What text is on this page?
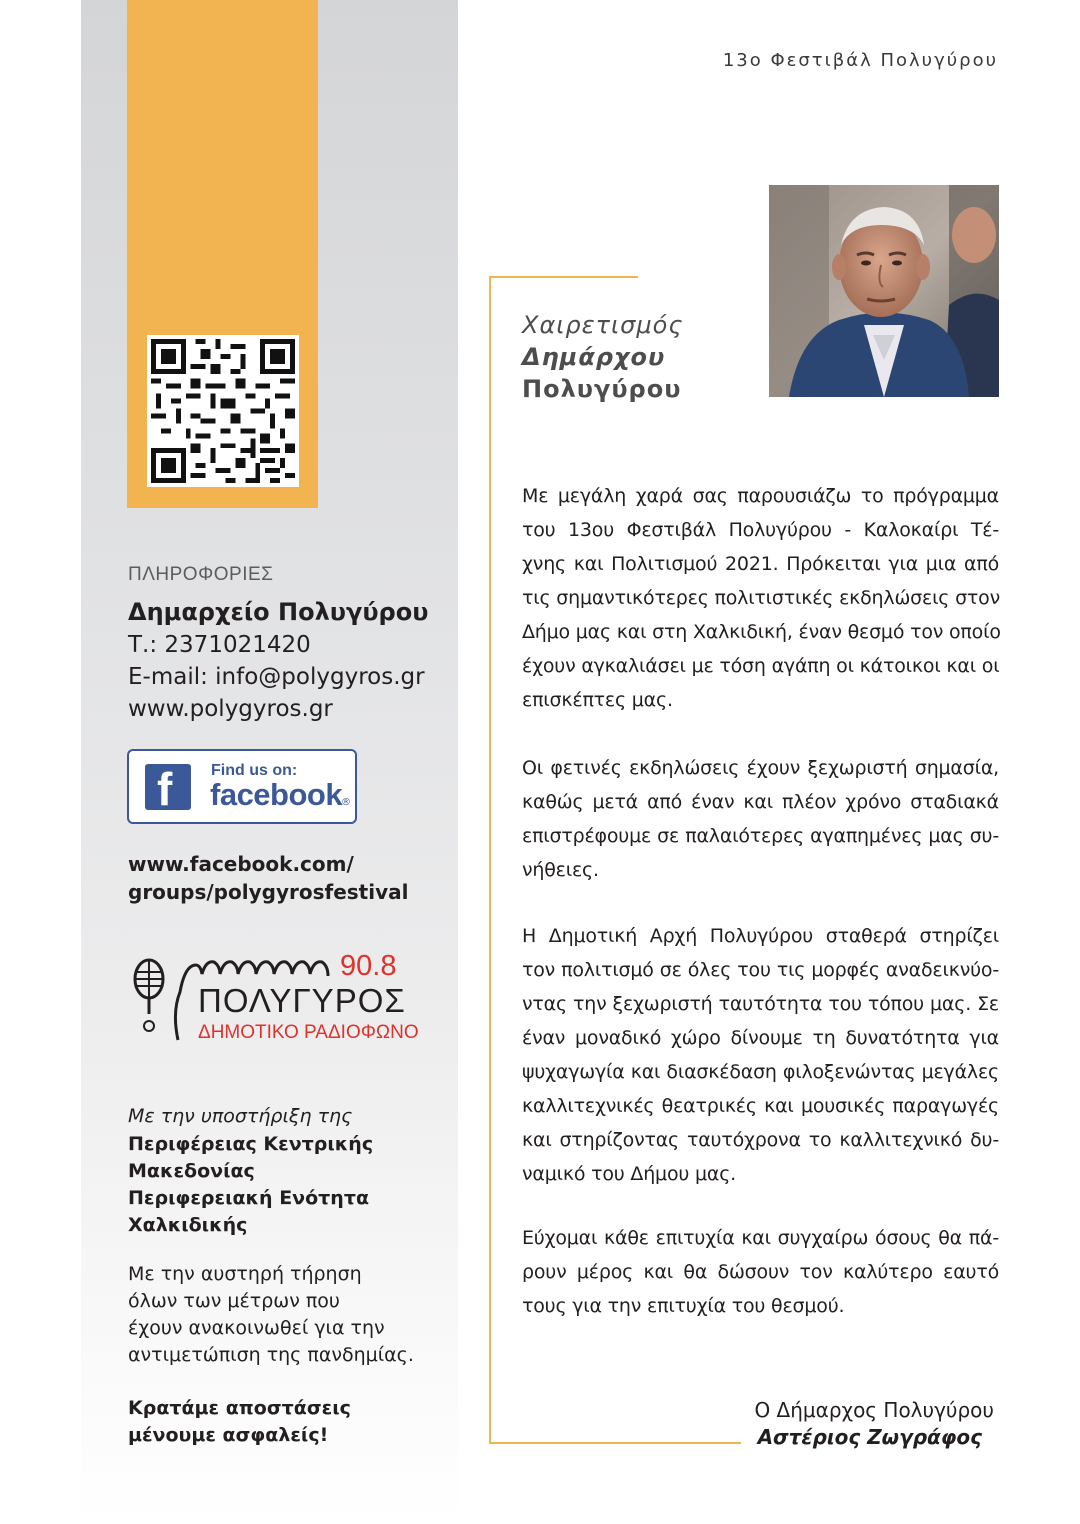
ΠΛΗΡΟΦΟΡΙΕΣ
Δημαρχείο Πολυγύρου
Τ.: 2371021420
E-mail: info@polygyros.gr
www.polygyros.gr
f Find us on:
facebook
®
www.facebook.com/
groups/polygyrosfestival
90.8
ΠΟΛΥΓΥΡΟΣ
ΔΗΜΟΤΙΚΟ ΡΑΔΙΟΦΩΝΟ
Με την υποστήριξη της
Περιφέρειας Κεντρικής
Μακεδονίας
Περιφερειακή Ενότητα
Χαλκιδικής
Με την αυστηρή τήρηση
όλων των μέτρων που
έχουν ανακοινωθεί για την
αντιμετώπιση της πανδημίας.
Κρατάμε αποστάσεις
μένουμε ασφαλείς!
13ο Φεστιβάλ Πολυγύρου
Χαιρετισμός
Δημάρχου
Πολυγύρου
Με μεγάλη χαρά σας παρουσιάζω το πρόγραμμα
του 13ου Φεστιβάλ Πολυγύρου - Καλοκαίρι Τέ-
χνης και Πολιτισμού 2021. Πρόκειται για μια από
τις σημαντικότερες πολιτιστικές εκδηλώσεις στον
Δήμο μας και στη Χαλκιδική, έναν θεσμό τον οποίο
έχουν αγκαλιάσει με τόση αγάπη οι κάτοικοι και οι
επισκέπτες μας.
Οι φετινές εκδηλώσεις έχουν ξεχωριστή σημασία,
καθώς μετά από έναν και πλέον χρόνο σταδιακά
επιστρέφουμε σε παλαιότερες αγαπημένες μας συ-
νήθειες.
Η Δημοτική Αρχή Πολυγύρου σταθερά στηρίζει
τον πολιτισμό σε όλες του τις μορφές αναδεικνύο-
ντας την ξεχωριστή ταυτότητα του τόπου μας. Σε
έναν μοναδικό χώρο δίνουμε τη δυνατότητα για
ψυχαγωγία και διασκέδαση φιλοξενώντας μεγάλες
καλλιτεχνικές θεατρικές και μουσικές παραγωγές
και στηρίζοντας ταυτόχρονα το καλλιτεχνικό δυ-
ναμικό του Δήμου μας.
Εύχομαι κάθε επιτυχία και συγχαίρω όσους θα πά-
ρουν μέρος και θα δώσουν τον καλύτερο εαυτό
τους για την επιτυχία του θεσμού.
Ο Δήμαρχος Πολυγύρου
Αστέριος Ζωγράφος
